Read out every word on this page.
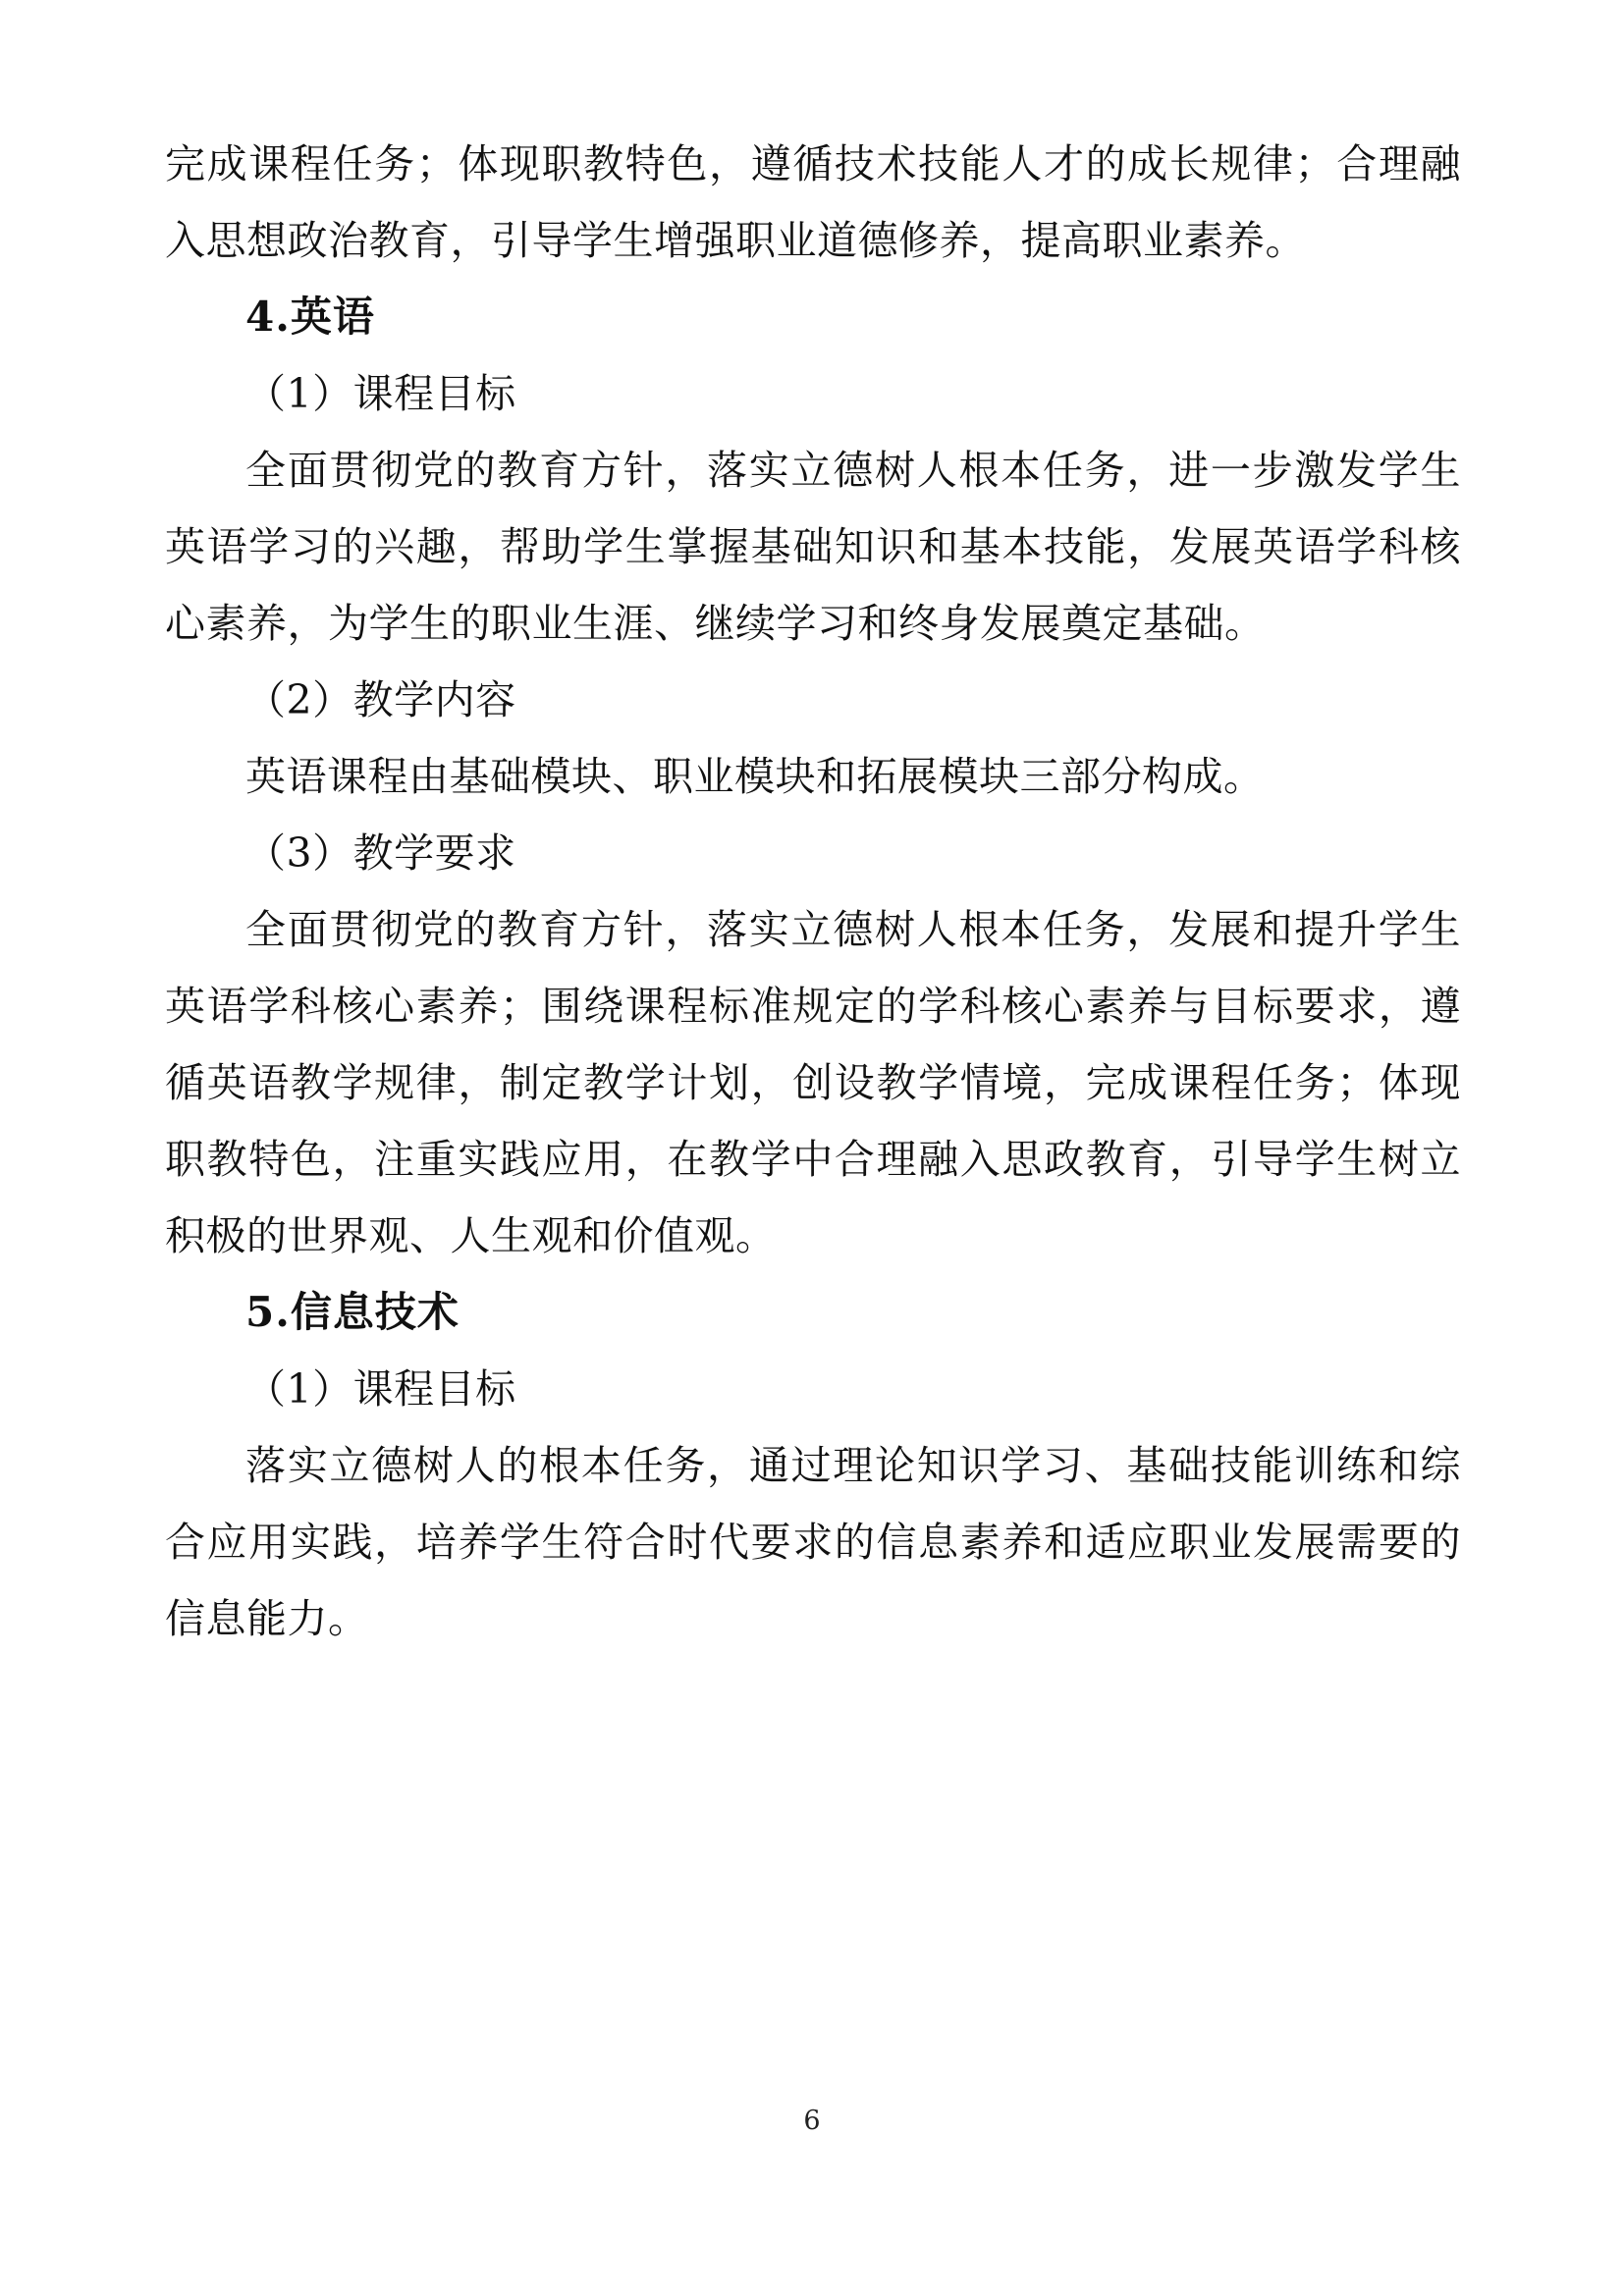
完成课程任务；体现职教特色，遵循技术技能人才的成长规律；合理融入思想政治教育，引导学生增强职业道德修养，提高职业素养。

4.英语

（1）课程目标

全面贯彻党的教育方针，落实立德树人根本任务，进一步激发学生英语学习的兴趣，帮助学生掌握基础知识和基本技能，发展英语学科核心素养，为学生的职业生涯、继续学习和终身发展奠定基础。

（2）教学内容

英语课程由基础模块、职业模块和拓展模块三部分构成。

（3）教学要求

全面贯彻党的教育方针，落实立德树人根本任务，发展和提升学生英语学科核心素养；围绕课程标准规定的学科核心素养与目标要求，遵循英语教学规律，制定教学计划，创设教学情境，完成课程任务；体现职教特色，注重实践应用，在教学中合理融入思政教育，引导学生树立积极的世界观、人生观和价值观。

5.信息技术

（1）课程目标

落实立德树人的根本任务，通过理论知识学习、基础技能训练和综合应用实践，培养学生符合时代要求的信息素养和适应职业发展需要的信息能力。

6
